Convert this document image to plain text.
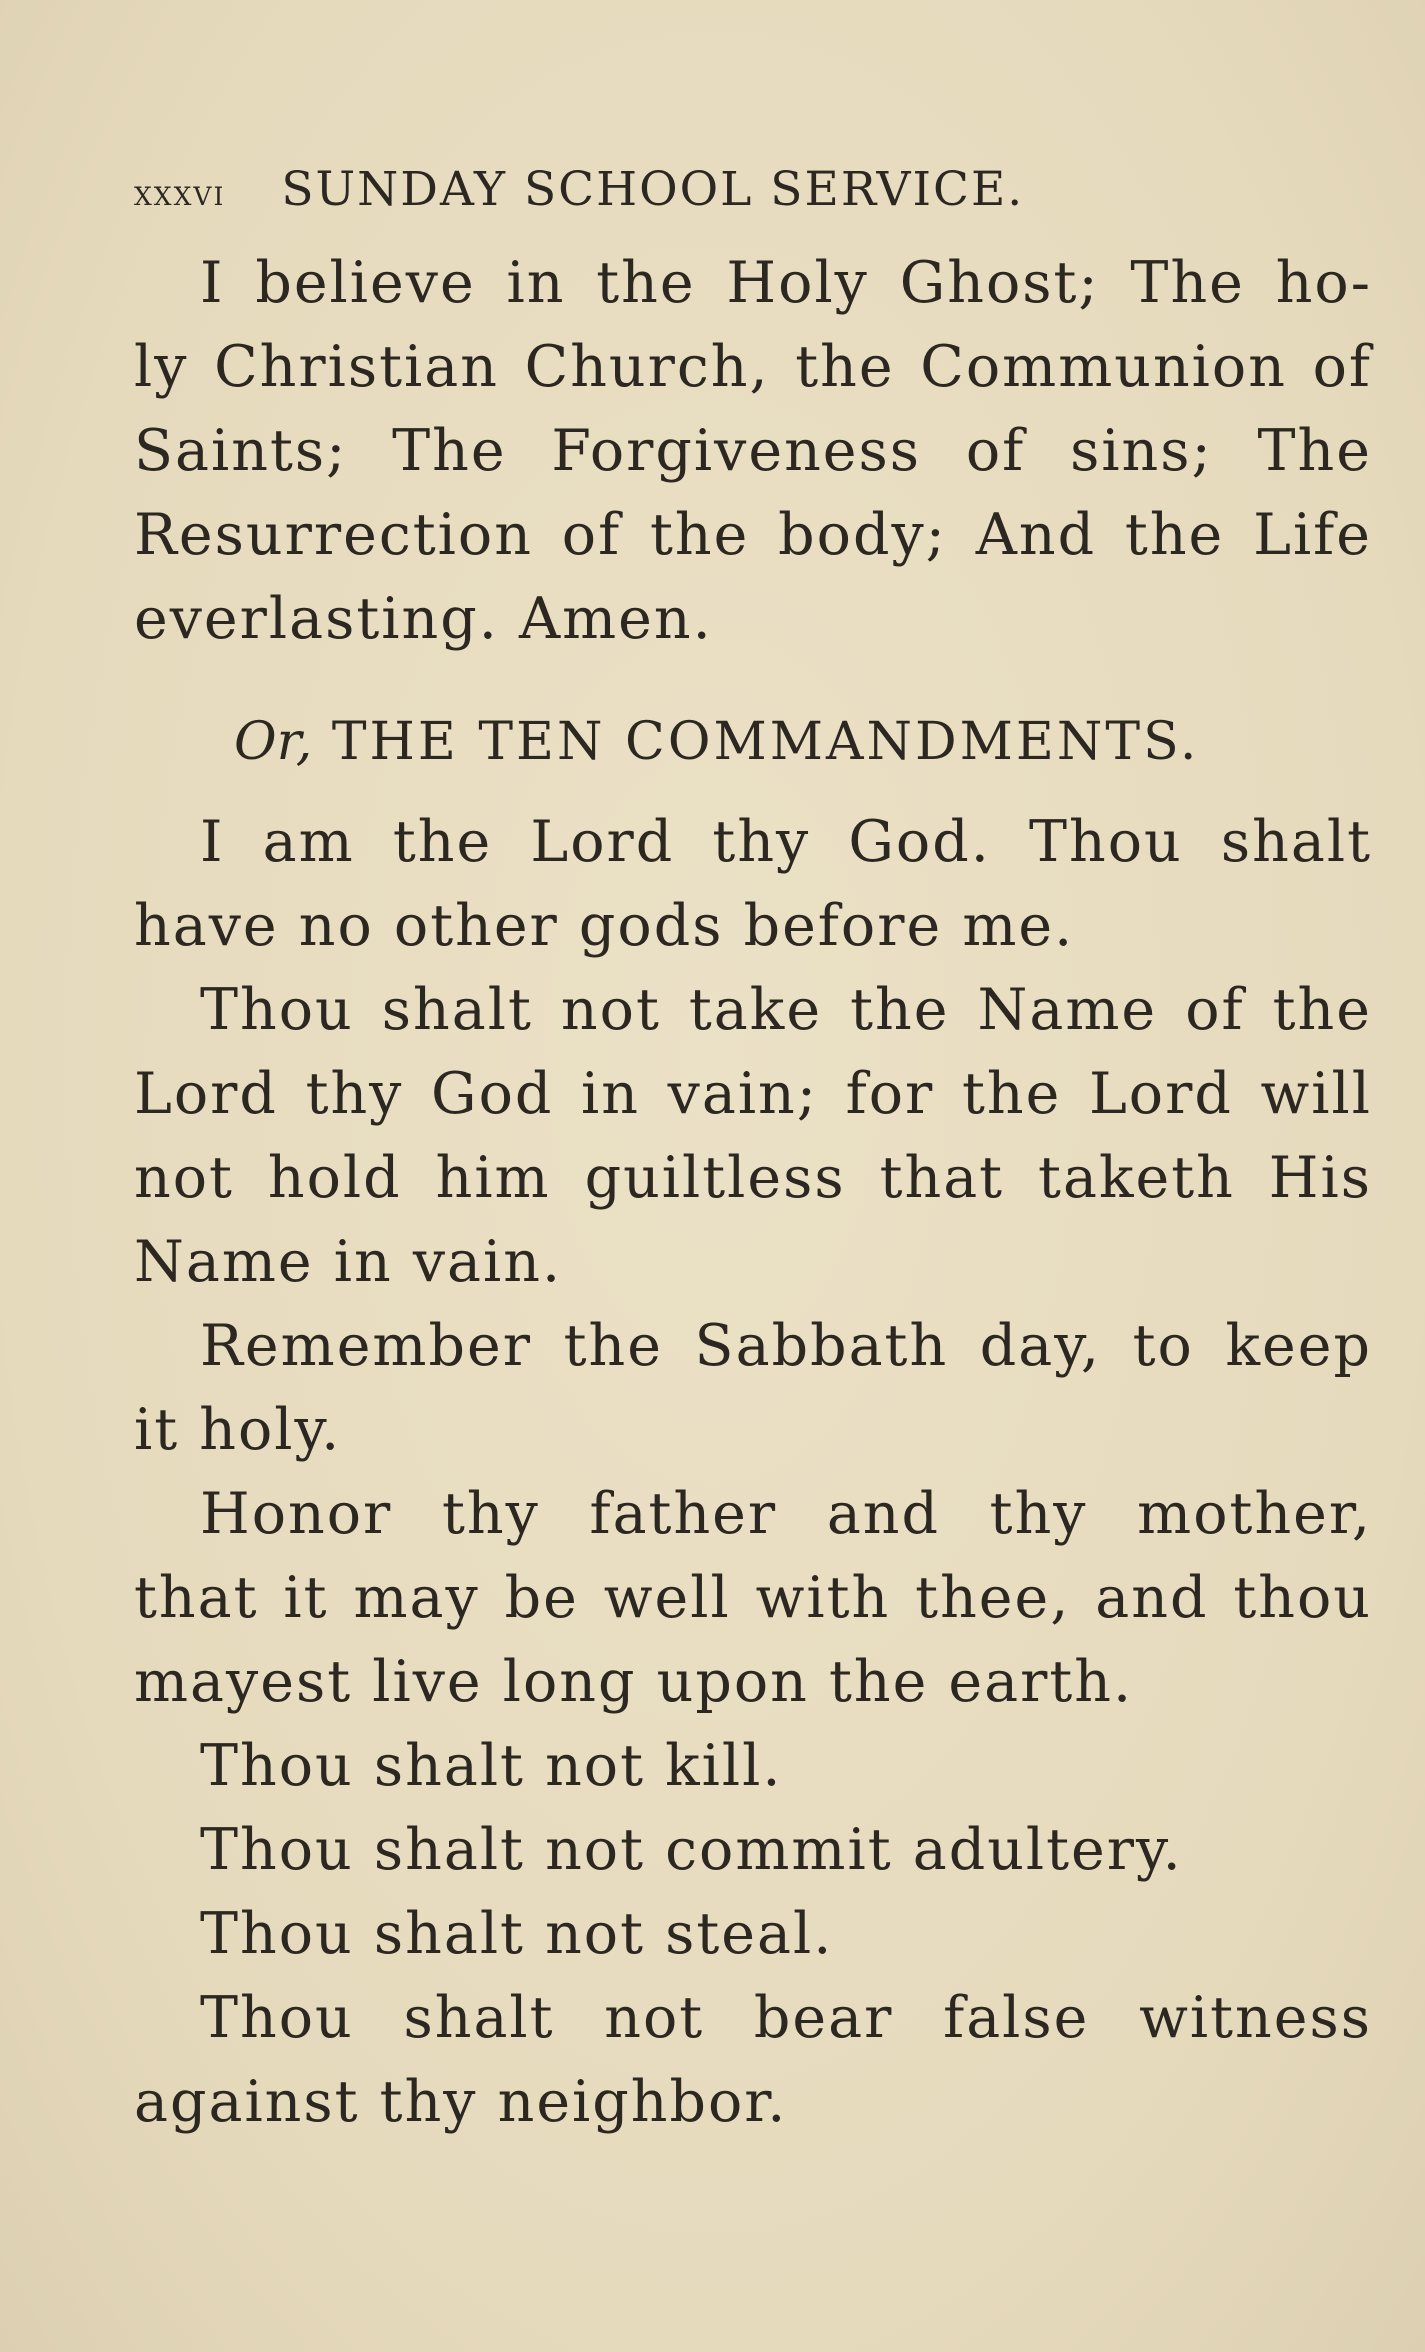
xxxvi SUNDAY SCHOOL SERVICE.
I believe in the Holy Ghost; The ho-
ly Christian Church, the Communion of
Saints; The Forgiveness of sins; The
Resurrection of the body; And the Life
everlasting. Amen.
Or, THE TEN COMMANDMENTS.
I am the Lord thy God. Thou shalt
have no other gods before me.
Thou shalt not take the Name of the
Lord thy God in vain; for the Lord will
not hold him guiltless that taketh His
Name in vain.
Remember the Sabbath day, to keep
it holy.
Honor thy father and thy mother,
that it may be well with thee, and thou
mayest live long upon the earth.
Thou shalt not kill.
Thou shalt not commit adultery.
Thou shalt not steal.
Thou shalt not bear false witness
against thy neighbor.
